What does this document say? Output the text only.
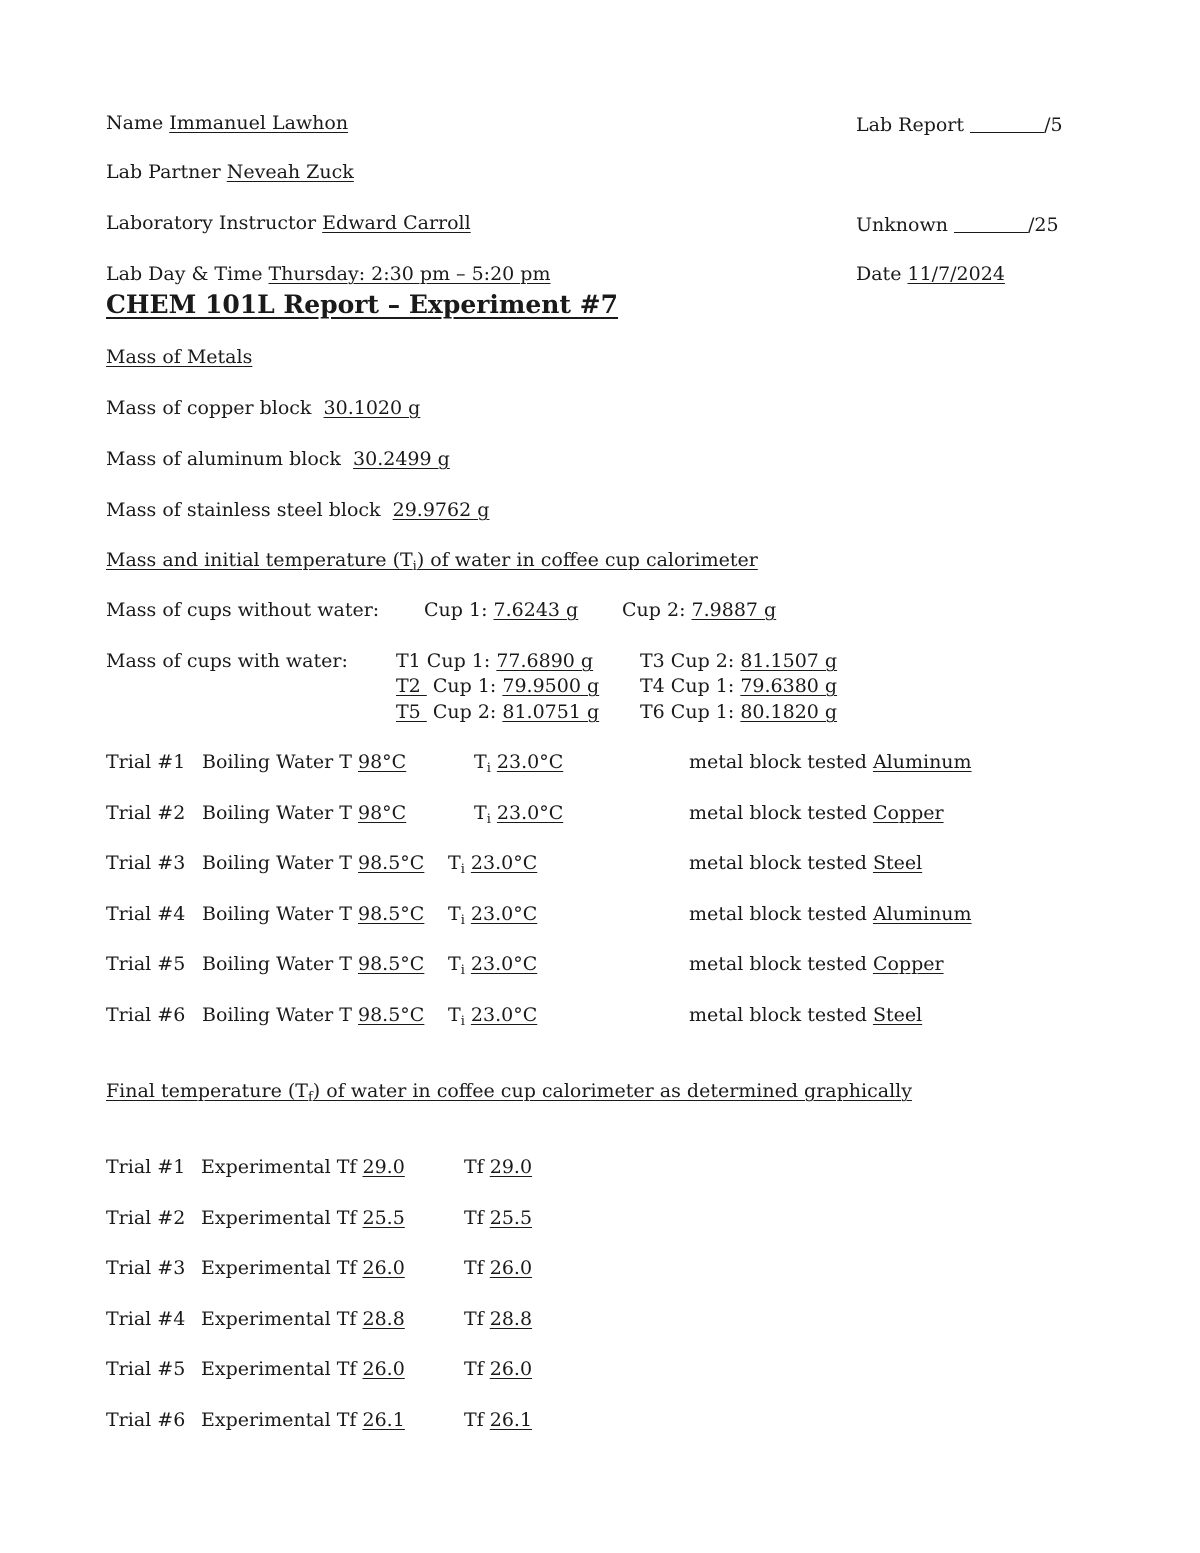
Name Immanuel Lawhon	Lab Report	/5
Lab Partner Neveah Zuck
Laboratory Instructor Edward Carroll	Unknown	/25
Lab Day & Time Thursday: 2:30 pm – 5:20 pm	Date 11/7/2024
CHEM 101L Report – Experiment #7
Mass of Metals
Mass of copper block  30.1020 g
Mass of aluminum block  30.2499 g
Mass of stainless steel block  29.9762 g
Mass and initial temperature $(T_i)$ of water in coffee cup calorimeter
Mass of cups without water: Cup 1: 7.6243 g Cup 2: 7.9887 g
Mass of cups with water:	T1 Cup 1: 77.6890 g T3 Cup 2: 81.1507 g
T2  Cup 1: 79.9500 g T4 Cup 1: 79.6380 g
T5  Cup 2: 81.0751 g T6 Cup 1: 80.1820 g
Trial #1 Boiling Water T 98°C	$T_i$ 23.0°C	metal block tested Aluminum
Trial #2 Boiling Water T 98°C	$T_i$ 23.0°C	metal block tested Copper
Trial #3 Boiling Water T 98.5°C $T_i$ 23.0°C	metal block tested Steel
Trial #4 Boiling Water T 98.5°C $T_i$ 23.0°C	metal block tested Aluminum
Trial #5 Boiling Water T 98.5°C $T_i$ 23.0°C	metal block tested Copper
Trial #6 Boiling Water T 98.5°C $T_i$ 23.0°C	metal block tested Steel
Final temperature $(T_f)$ of water in coffee cup calorimeter as determined graphically
Trial #1 Experimental Tf 29.0	Tf 29.0
Trial #2 Experimental Tf 25.5	Tf 25.5
Trial #3 Experimental Tf 26.0	Tf 26.0
Trial #4 Experimental Tf 28.8	Tf 28.8
Trial #5 Experimental Tf 26.0	Tf 26.0
Trial #6 Experimental Tf 26.1	Tf 26.1
